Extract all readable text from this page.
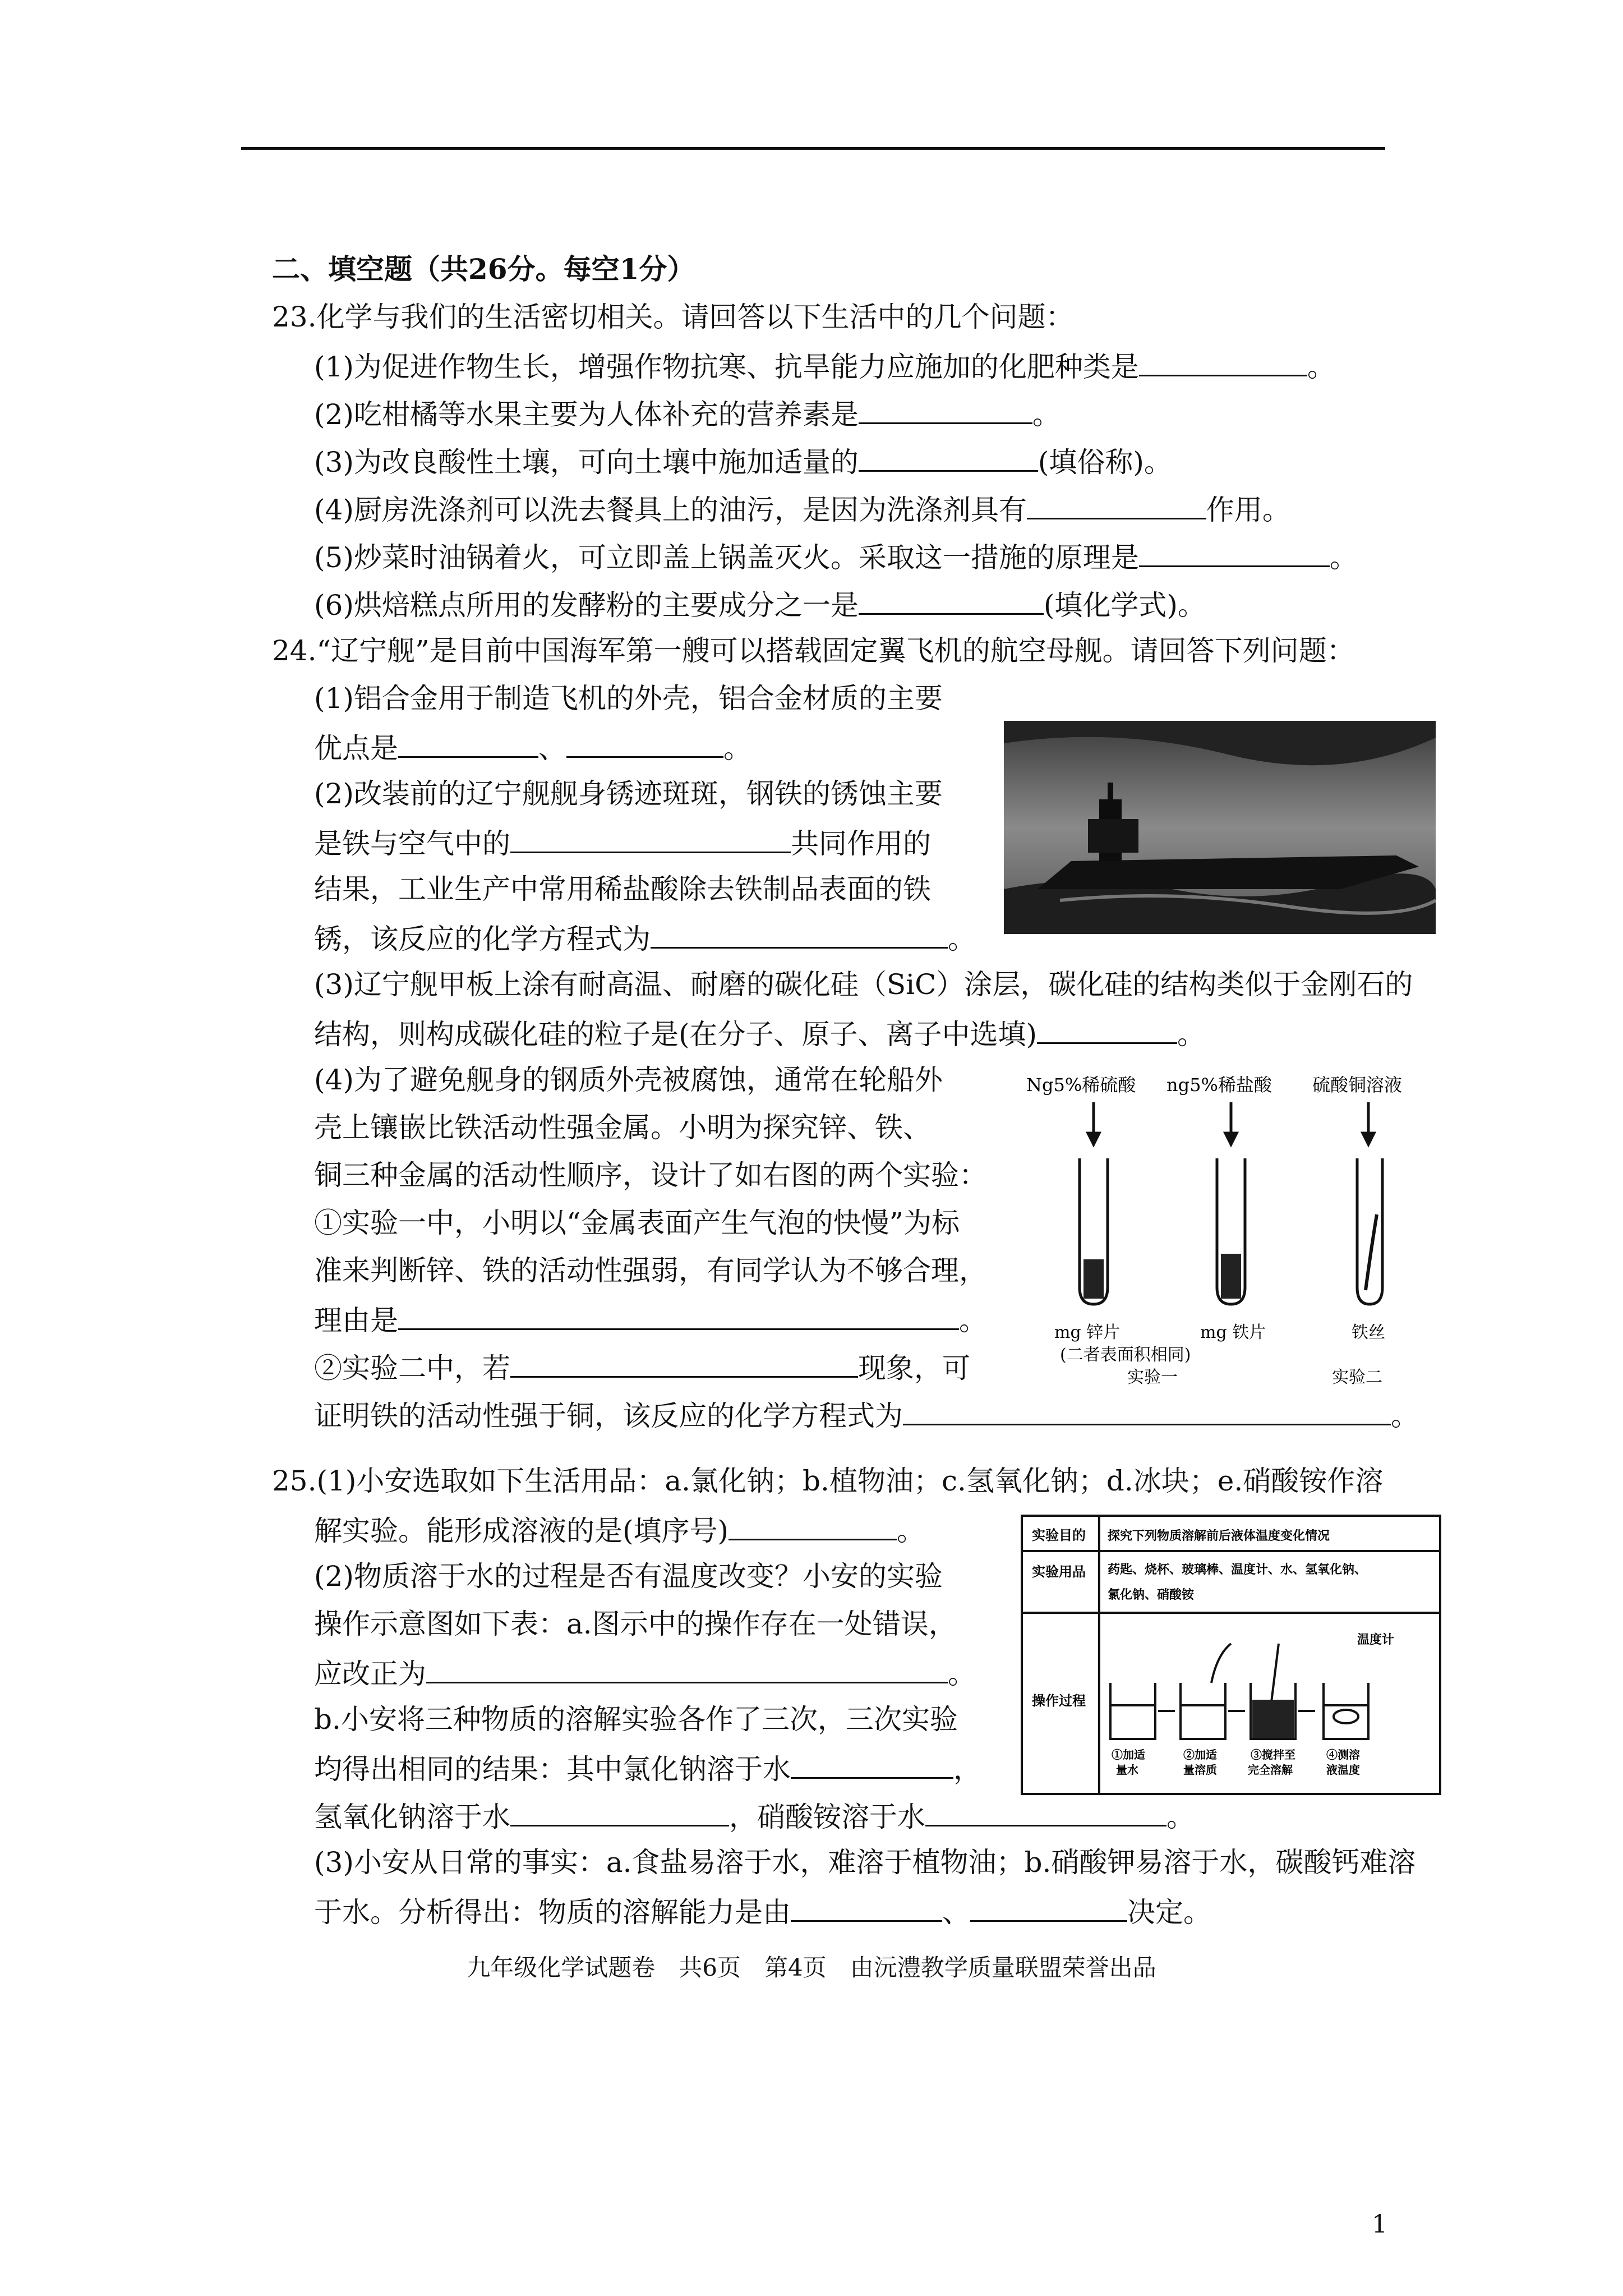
二、填空题（共26分。每空1分）
23.化学与我们的生活密切相关。请回答以下生活中的几个问题：
(1)为促进作物生长，增强作物抗寒、抗旱能力应施加的化肥种类是	。
(2)吃柑橘等水果主要为人体补充的营养素是	。
(3)为改良酸性土壤，可向土壤中施加适量的	(填俗称)。
(4)厨房洗涤剂可以洗去餐具上的油污，是因为洗涤剂具有	作用。
(5)炒菜时油锅着火，可立即盖上锅盖灭火。采取这一措施的原理是	。
(6)烘焙糕点所用的发酵粉的主要成分之一是	(填化学式)。
24.“辽宁舰”是目前中国海军第一艘可以搭载固定翼飞机的航空母舰。请回答下列问题：
(1)铝合金用于制造飞机的外壳，铝合金材质的主要
优点是	、	。
(2)改装前的辽宁舰舰身锈迹斑斑，钢铁的锈蚀主要
是铁与空气中的	共同作用的
结果，工业生产中常用稀盐酸除去铁制品表面的铁
锈，该反应的化学方程式为	。
(3)辽宁舰甲板上涂有耐高温、耐磨的碳化硅（SiC）涂层，碳化硅的结构类似于金刚石的
结构，则构成碳化硅的粒子是(在分子、原子、离子中选填)	。
(4)为了避免舰身的钢质外壳被腐蚀，通常在轮船外
壳上镶嵌比铁活动性强金属。小明为探究锌、铁、
铜三种金属的活动性顺序，设计了如右图的两个实验：
①实验一中，小明以“金属表面产生气泡的快慢”为标
准来判断锌、铁的活动性强弱，有同学认为不够合理，
理由是	。
②实验二中，若	现象，可
证明铁的活动性强于铜，该反应的化学方程式为	。
Ng5%稀硫酸 ng5%稀盐酸 硫酸铜溶液
mg 锌片	mg 铁片	铁丝
(二者表面积相同)
实验一	实验二
25.(1)小安选取如下生活用品：a.氯化钠；b.植物油；c.氢氧化钠；d.冰块；e.硝酸铵作溶
解实验。能形成溶液的是(填序号)	。
(2)物质溶于水的过程是否有温度改变？小安的实验
操作示意图如下表：a.图示中的操作存在一处错误，
应改正为	。
b.小安将三种物质的溶解实验各作了三次，三次实验
均得出相同的结果：其中氯化钠溶于水	，
氢氧化钠溶于水	，硝酸铵溶于水	。
(3)小安从日常的事实：a.食盐易溶于水，难溶于植物油；b.硝酸钾易溶于水，碳酸钙难溶
于水。分析得出：物质的溶解能力是由	、	决定。
实验目的 探究下列物质溶解前后液体温度变化情况
实验用品 药匙、烧杯、玻璃棒、温度计、水、氢氧化钠、
氯化钠、硝酸铵
操作过程
温度计
①加适
量水
②加适
量溶质
③搅拌至
完全溶解
④测溶
液温度
九年级化学试题卷　共6页　第4页　由沅澧教学质量联盟荣誉出品
1
